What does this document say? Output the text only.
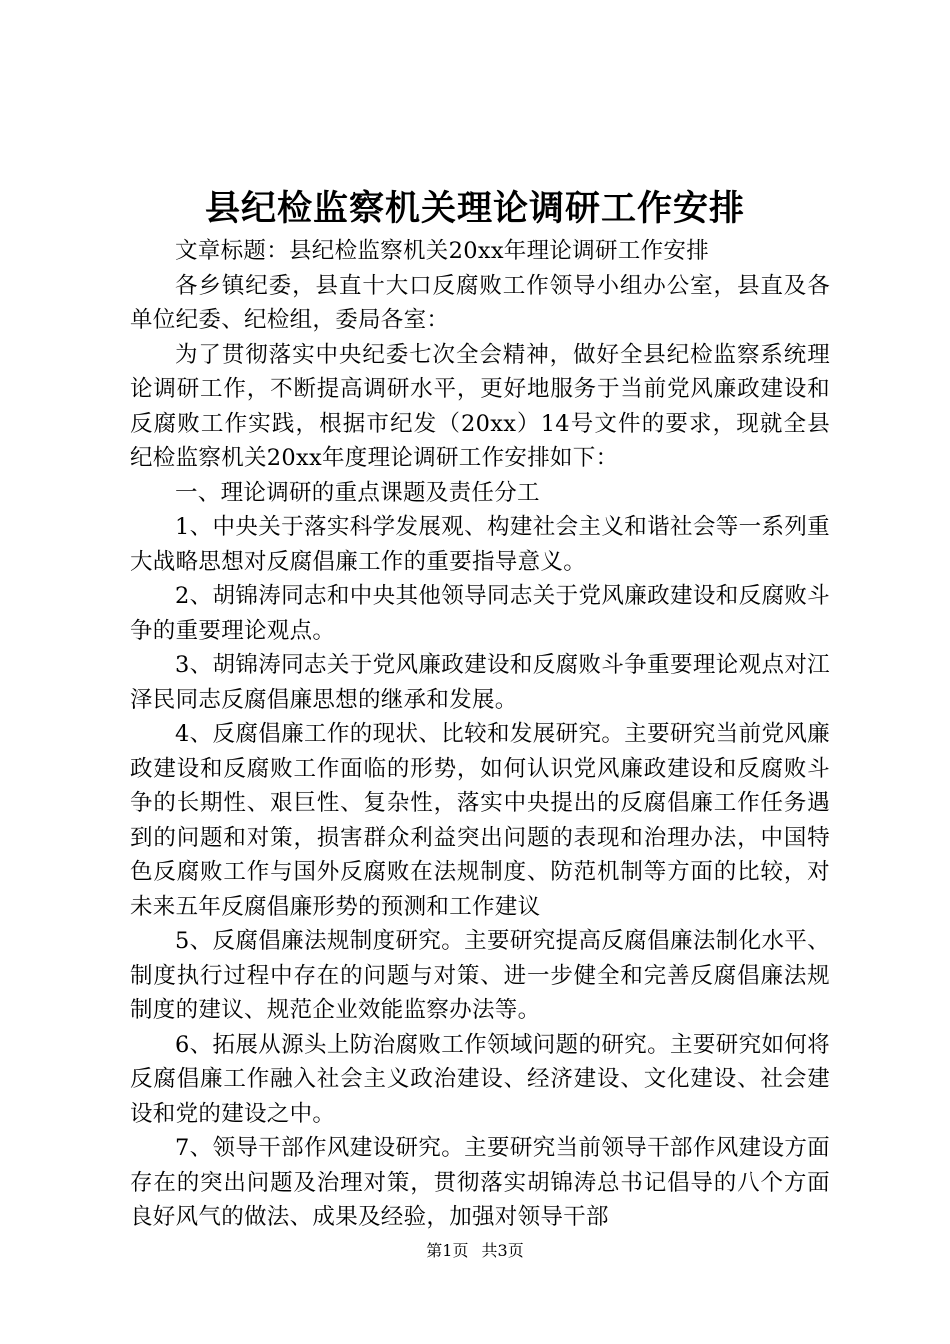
县纪检监察机关理论调研工作安排

文章标题：县纪检监察机关20xx年理论调研工作安排

各乡镇纪委，县直十大口反腐败工作领导小组办公室，县直及各单位纪委、纪检组，委局各室：

为了贯彻落实中央纪委七次全会精神，做好全县纪检监察系统理论调研工作，不断提高调研水平，更好地服务于当前党风廉政建设和反腐败工作实践，根据市纪发（20xx）14号文件的要求，现就全县纪检监察机关20xx年度理论调研工作安排如下：

一、理论调研的重点课题及责任分工

1、中央关于落实科学发展观、构建社会主义和谐社会等一系列重大战略思想对反腐倡廉工作的重要指导意义。

2、胡锦涛同志和中央其他领导同志关于党风廉政建设和反腐败斗争的重要理论观点。

3、胡锦涛同志关于党风廉政建设和反腐败斗争重要理论观点对江泽民同志反腐倡廉思想的继承和发展。

4、反腐倡廉工作的现状、比较和发展研究。主要研究当前党风廉政建设和反腐败工作面临的形势，如何认识党风廉政建设和反腐败斗争的长期性、艰巨性、复杂性，落实中央提出的反腐倡廉工作任务遇到的问题和对策，损害群众利益突出问题的表现和治理办法，中国特色反腐败工作与国外反腐败在法规制度、防范机制等方面的比较，对未来五年反腐倡廉形势的预测和工作建议

5、反腐倡廉法规制度研究。主要研究提高反腐倡廉法制化水平、制度执行过程中存在的问题与对策、进一步健全和完善反腐倡廉法规制度的建议、规范企业效能监察办法等。

6、拓展从源头上防治腐败工作领域问题的研究。主要研究如何将反腐倡廉工作融入社会主义政治建设、经济建设、文化建设、社会建设和党的建设之中。

7、领导干部作风建设研究。主要研究当前领导干部作风建设方面存在的突出问题及治理对策，贯彻落实胡锦涛总书记倡导的八个方面良好风气的做法、成果及经验，加强对领导干部

第1页 共3页
